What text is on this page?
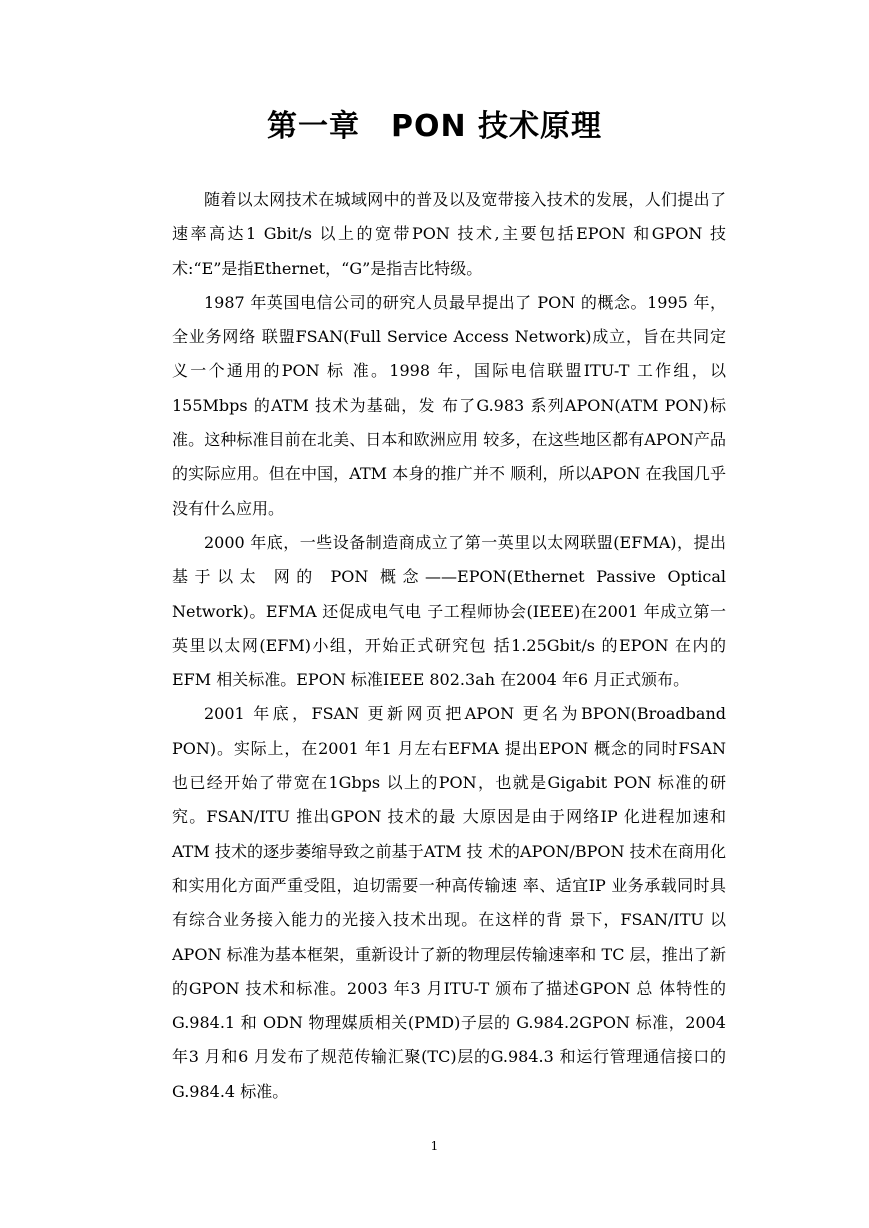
第一章　PON 技术原理

随着以太网技术在城域网中的普及以及宽带接入技术的发展，人们提出了速率高达1 Gbit/s 以上的宽带PON 技术,主要包括EPON 和GPON 技术:“E”是指Ethernet，“G”是指吉比特级。

1987 年英国电信公司的研究人员最早提出了 PON 的概念。1995 年，全业务网络 联盟FSAN(Full Service Access Network)成立，旨在共同定义一个通用的PON 标 准。1998 年，国际电信联盟ITU-T 工作组，以 155Mbps 的ATM 技术为基础，发 布了G.983 系列APON(ATM PON)标准。这种标准目前在北美、日本和欧洲应用 较多，在这些地区都有APON产品的实际应用。但在中国，ATM 本身的推广并不 顺利，所以APON 在我国几乎没有什么应用。

2000 年底，一些设备制造商成立了第一英里以太网联盟(EFMA)，提出基于以太 网的 PON 概念——EPON(Ethernet Passive Optical Network)。EFMA 还促成电气电 子工程师协会(IEEE)在2001 年成立第一英里以太网(EFM)小组，开始正式研究包 括1.25Gbit/s 的EPON 在内的 EFM 相关标准。EPON 标准IEEE 802.3ah 在2004 年6 月正式颁布。

2001 年底，FSAN 更新网页把APON 更名为BPON(Broadband PON)。实际上，在2001 年1 月左右EFMA 提出EPON 概念的同时FSAN 也已经开始了带宽在1Gbps 以上的PON，也就是Gigabit PON 标准的研究。FSAN/ITU 推出GPON 技术的最 大原因是由于网络IP 化进程加速和ATM 技术的逐步萎缩导致之前基于ATM 技 术的APON/BPON 技术在商用化和实用化方面严重受阻，迫切需要一种高传输速 率、适宜IP 业务承载同时具有综合业务接入能力的光接入技术出现。在这样的背 景下，FSAN/ITU 以APON 标准为基本框架，重新设计了新的物理层传输速率和 TC 层，推出了新的GPON 技术和标准。2003 年3 月ITU-T 颁布了描述GPON 总 体特性的 G.984.1 和 ODN 物理媒质相关(PMD)子层的 G.984.2GPON 标准，2004 年3 月和6 月发布了规范传输汇聚(TC)层的G.984.3 和运行管理通信接口的G.984.4 标准。

1
